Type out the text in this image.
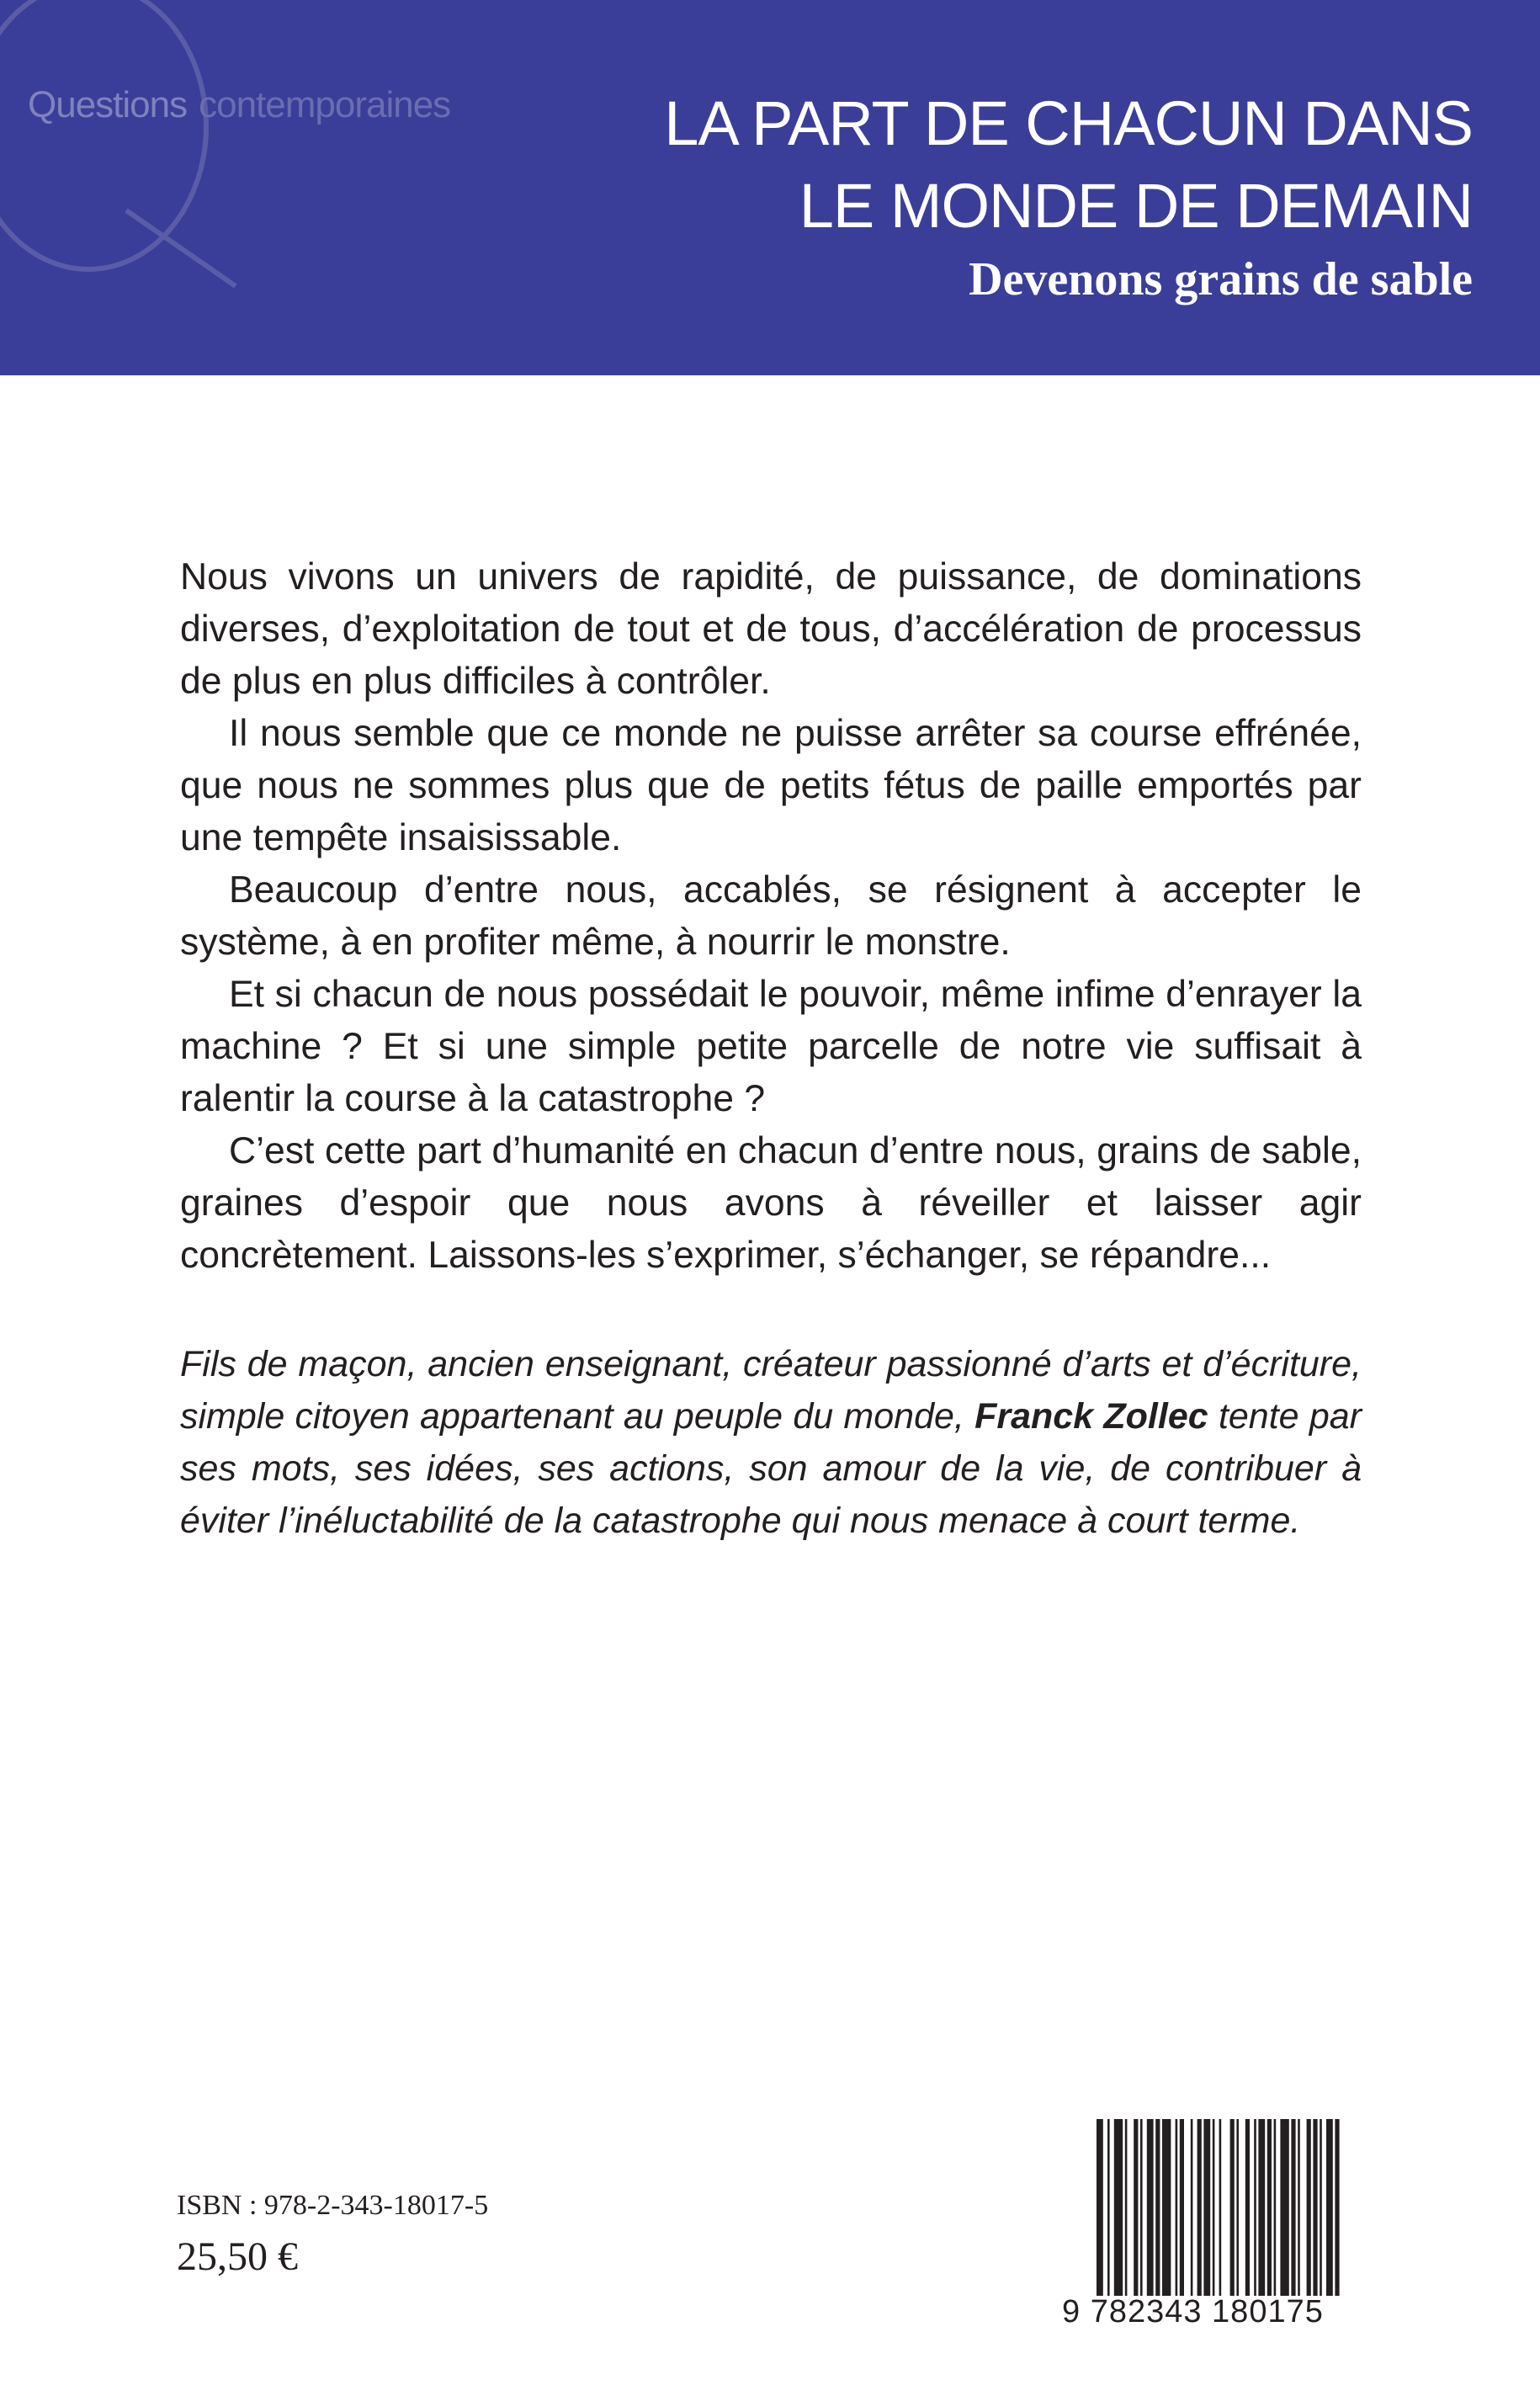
Questions contemporaines	LA PART DE CHACUN DANS
LE MONDE DE DEMAIN
Devenons grains de sable

Nous vivons un univers de rapidité, de puissance, de dominations diverses, d’exploitation de tout et de tous, d’accélération de processus de plus en plus difficiles à contrôler.

Il nous semble que ce monde ne puisse arrêter sa course effrénée, que nous ne sommes plus que de petits fétus de paille emportés par une tempête insaisissable.

Beaucoup d’entre nous, accablés, se résignent à accepter le système, à en profiter même, à nourrir le monstre.

Et si chacun de nous possédait le pouvoir, même infime d’enrayer la machine ? Et si une simple petite parcelle de notre vie suffisait à ralentir la course à la catastrophe ?

C’est cette part d’humanité en chacun d’entre nous, grains de sable, graines d’espoir que nous avons à réveiller et laisser agir concrètement. Laissons-les s’exprimer, s’échanger, se répandre...

Fils de maçon, ancien enseignant, créateur passionné d’arts et d’écriture, simple citoyen appartenant au peuple du monde, Franck Zollec tente par ses mots, ses idées, ses actions, son amour de la vie, de contribuer à éviter l’inéluctabilité de la catastrophe qui nous menace à court terme.
ISBN : 978-2-343-18017-5
25,50 €
9 782343 180175
